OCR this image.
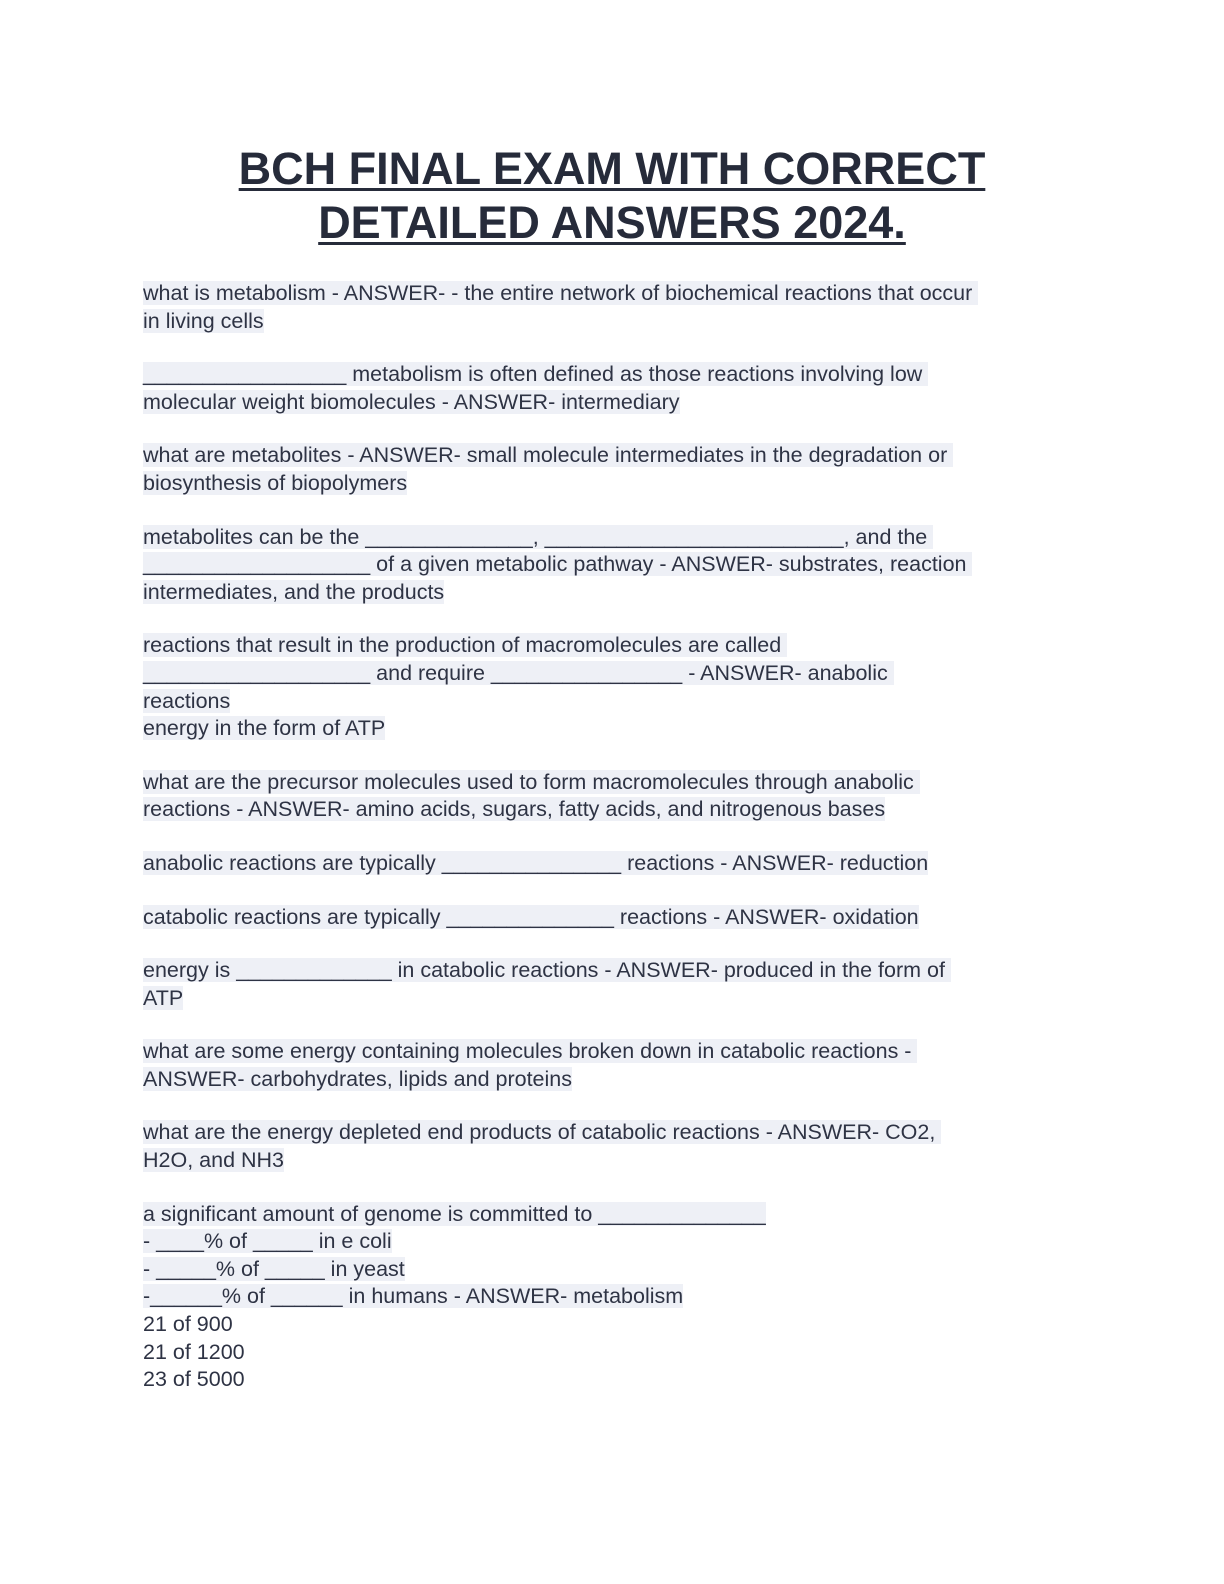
BCH FINAL EXAM WITH CORRECT
DETAILED ANSWERS 2024.
what is metabolism - ANSWER- - the entire network of biochemical reactions that occur
in living cells
_________________ metabolism is often defined as those reactions involving low
molecular weight biomolecules - ANSWER- intermediary
what are metabolites - ANSWER- small molecule intermediates in the degradation or
biosynthesis of biopolymers
metabolites can be the ______________, _________________________, and the
___________________ of a given metabolic pathway - ANSWER- substrates, reaction
intermediates, and the products
reactions that result in the production of macromolecules are called
___________________ and require ________________ - ANSWER- anabolic
reactions
energy in the form of ATP
what are the precursor molecules used to form macromolecules through anabolic
reactions - ANSWER- amino acids, sugars, fatty acids, and nitrogenous bases
anabolic reactions are typically _______________ reactions - ANSWER- reduction
catabolic reactions are typically ______________ reactions - ANSWER- oxidation
energy is _____________ in catabolic reactions - ANSWER- produced in the form of
ATP
what are some energy containing molecules broken down in catabolic reactions -
ANSWER- carbohydrates, lipids and proteins
what are the energy depleted end products of catabolic reactions - ANSWER- CO2,
H2O, and NH3
a significant amount of genome is committed to ______________
- ____% of _____ in e coli
- _____% of _____ in yeast
-______% of ______ in humans - ANSWER- metabolism
21 of 900
21 of 1200
23 of 5000
